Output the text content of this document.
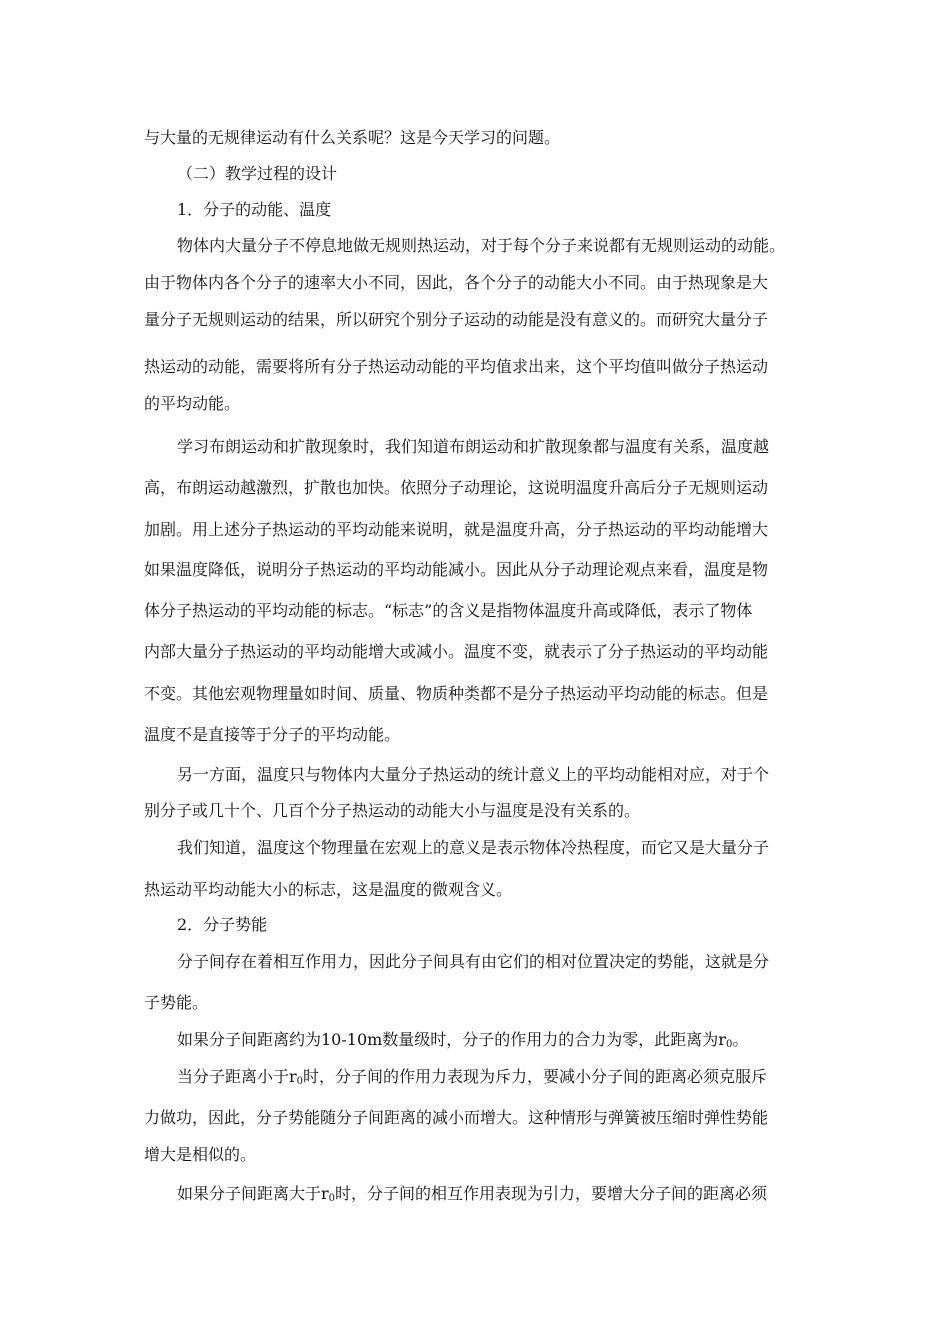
与大量的无规律运动有什么关系呢？这是今天学习的问题。
（二）教学过程的设计
1．分子的动能、温度
物体内大量分子不停息地做无规则热运动，对于每个分子来说都有无规则运动的动能。
由于物体内各个分子的速率大小不同，因此，各个分子的动能大小不同。由于热现象是大
量分子无规则运动的结果，所以研究个别分子运动的动能是没有意义的。而研究大量分子
热运动的动能，需要将所有分子热运动动能的平均值求出来，这个平均值叫做分子热运动
的平均动能。
学习布朗运动和扩散现象时，我们知道布朗运动和扩散现象都与温度有关系，温度越
高，布朗运动越激烈，扩散也加快。依照分子动理论，这说明温度升高后分子无规则运动
加剧。用上述分子热运动的平均动能来说明，就是温度升高，分子热运动的平均动能增大
如果温度降低，说明分子热运动的平均动能减小。因此从分子动理论观点来看，温度是物
体分子热运动的平均动能的标志。“标志”的含义是指物体温度升高或降低，表示了物体
内部大量分子热运动的平均动能增大或减小。温度不变，就表示了分子热运动的平均动能
不变。其他宏观物理量如时间、质量、物质种类都不是分子热运动平均动能的标志。但是
温度不是直接等于分子的平均动能。
另一方面，温度只与物体内大量分子热运动的统计意义上的平均动能相对应，对于个
别分子或几十个、几百个分子热运动的动能大小与温度是没有关系的。
我们知道，温度这个物理量在宏观上的意义是表示物体冷热程度，而它又是大量分子
热运动平均动能大小的标志，这是温度的微观含义。
2．分子势能
分子间存在着相互作用力，因此分子间具有由它们的相对位置决定的势能，这就是分
子势能。
如果分子间距离约为10-10m数量级时，分子的作用力的合力为零，此距离为$r_0$。
当分子距离小于$r_0$时，分子间的作用力表现为斥力，要减小分子间的距离必须克服斥
力做功，因此，分子势能随分子间距离的减小而增大。这种情形与弹簧被压缩时弹性势能
增大是相似的。
如果分子间距离大于$r_0$时，分子间的相互作用表现为引力，要增大分子间的距离必须
